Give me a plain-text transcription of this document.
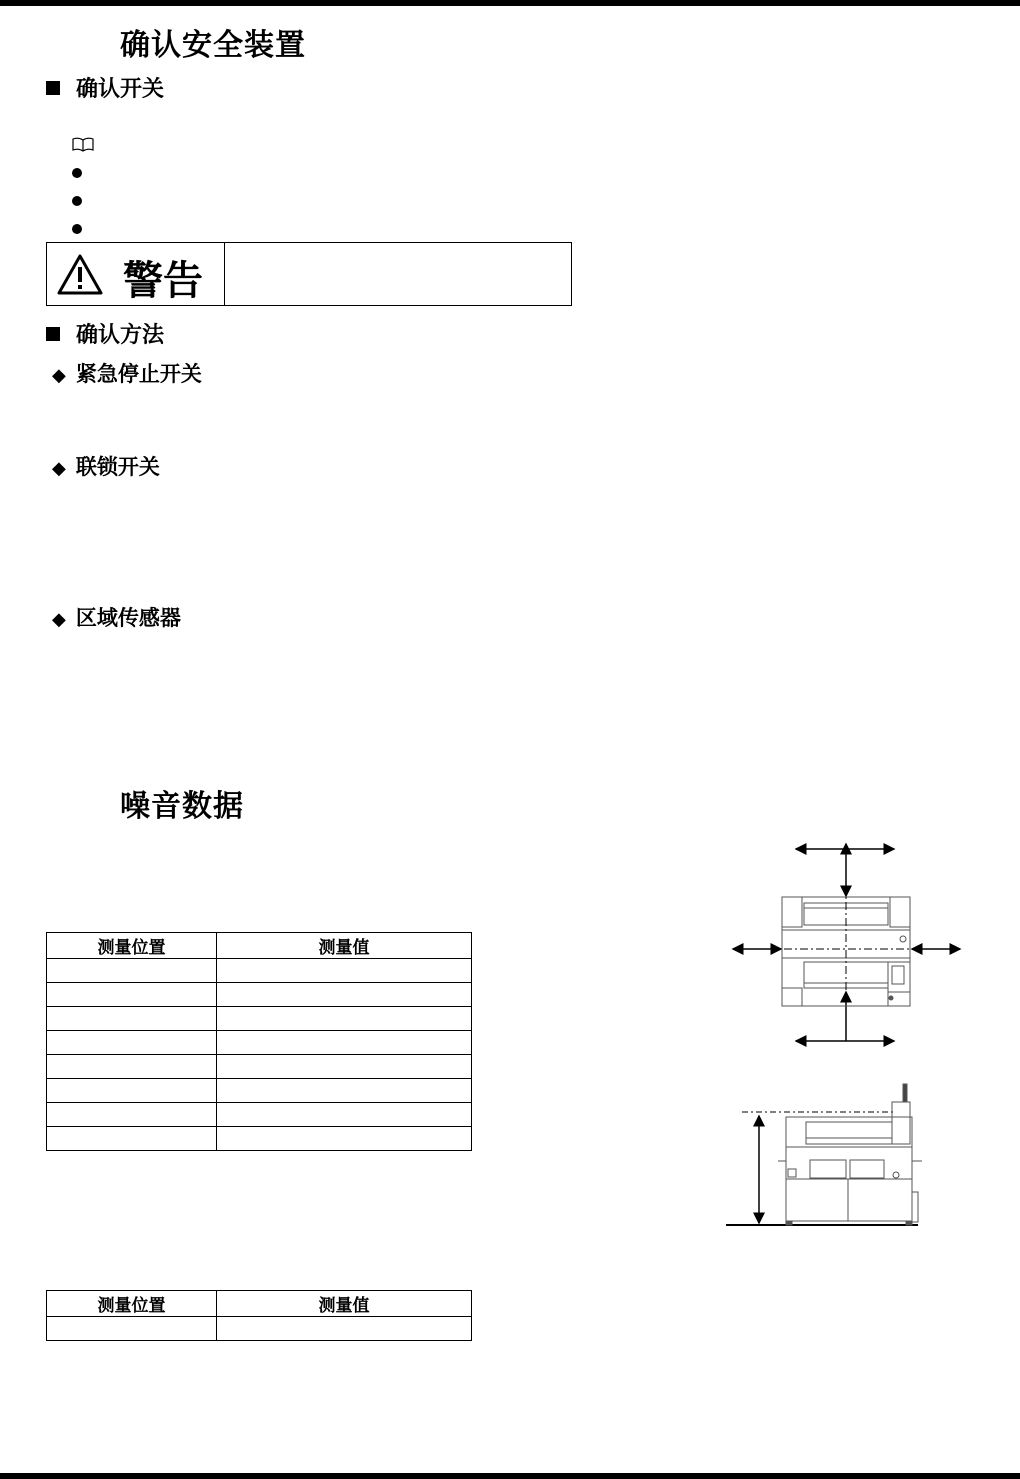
确认安全装置
确认开关
警告
确认方法
◆ 紧急停止开关
◆ 联锁开关
◆ 区域传感器
噪音数据
测量位置	测量值

测量位置	测量值
